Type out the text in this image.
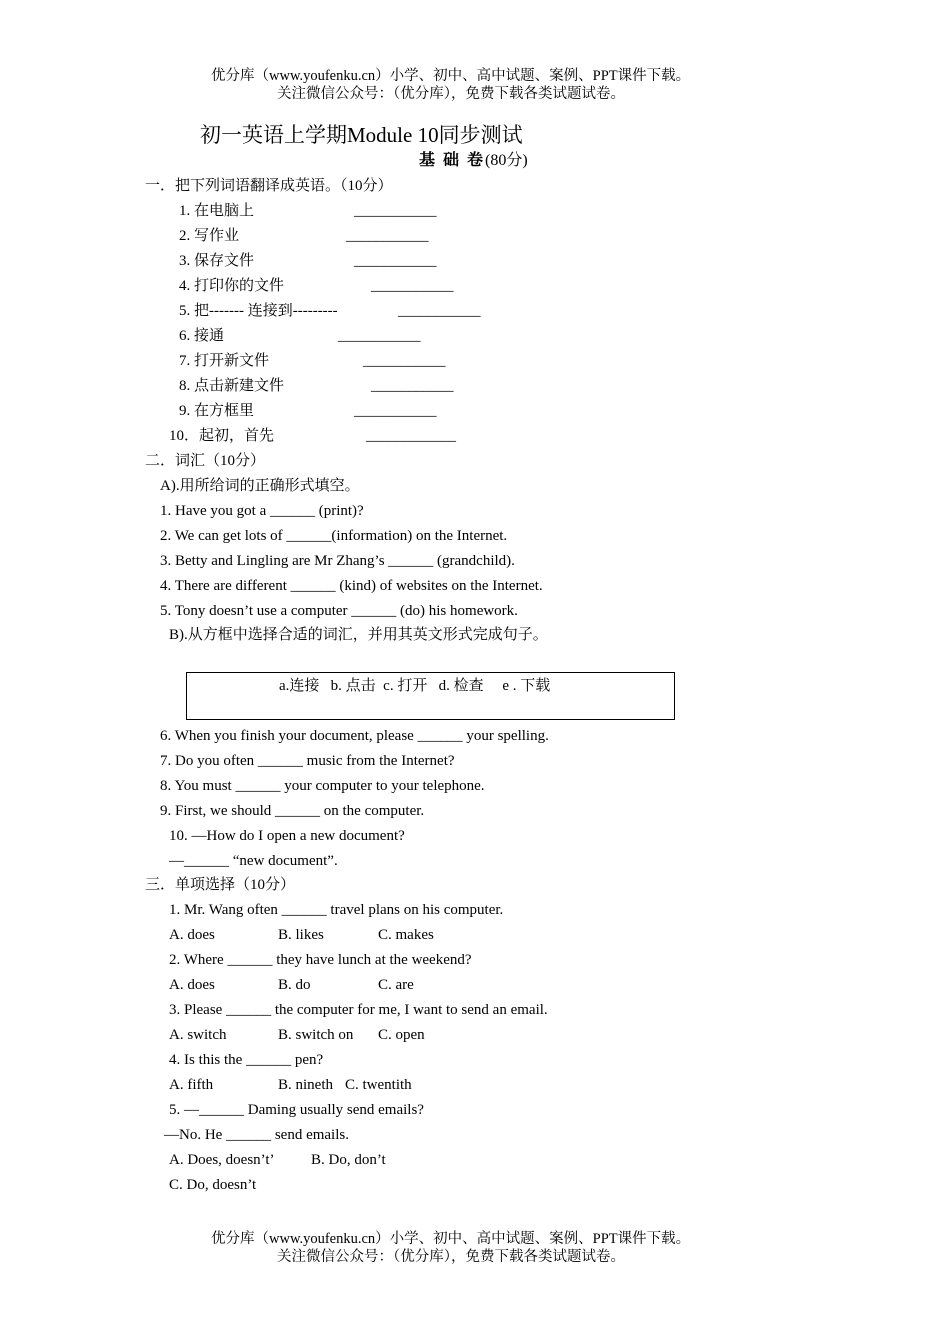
优分库（www.youfenku.cn）小学、初中、高中试题、案例、PPT课件下载。
关注微信公众号：（优分库），免费下载各类试题试卷。
初一英语上学期Module 10同步测试
基 础 卷(80分)
一．把下列词语翻译成英语。（10分）
1. 在电脑上	___________
2. 写作业	___________
3. 保存文件	___________
4. 打印你的文件	___________
5. 把------- 连接到---------	___________
6. 接通	___________
7. 打开新文件	___________
8. 点击新建文件	___________
9. 在方框里	___________
10．起初，首先	____________
二．词汇（10分）
A).用所给词的正确形式填空。
1. Have you got a ______ (print)?
2. We can get lots of ______(information) on the Internet.
3. Betty and Lingling are Mr Zhang’s ______ (grandchild).
4. There are different ______ (kind) of websites on the Internet.
5. Tony doesn’t use a computer ______ (do) his homework.
B).从方框中选择合适的词汇，并用其英文形式完成句子。
a.连接   b. 点击  c. 打开   d. 检查     e . 下载
6. When you finish your document, please ______ your spelling.
7. Do you often ______ music from the Internet?
8. You must ______ your computer to your telephone.
9. First, we should ______ on the computer.
10. —How do I open a new document?
—______ “new document”.
三．单项选择（10分）
1. Mr. Wang often ______ travel plans on his computer.
A. does	B. likes	C. makes
2. Where ______ they have lunch at the weekend?
A. does	B. do	C. are
3. Please ______ the computer for me, I want to send an email.
A. switch	B. switch on C. open
4. Is this the ______ pen?
A. fifth	B. nineth C. twentith
5. —______ Daming usually send emails?
—No. He ______ send emails.
A. Does, doesn’t’ B. Do, don’t
C. Do, doesn’t
优分库（www.youfenku.cn）小学、初中、高中试题、案例、PPT课件下载。
关注微信公众号：（优分库），免费下载各类试题试卷。
